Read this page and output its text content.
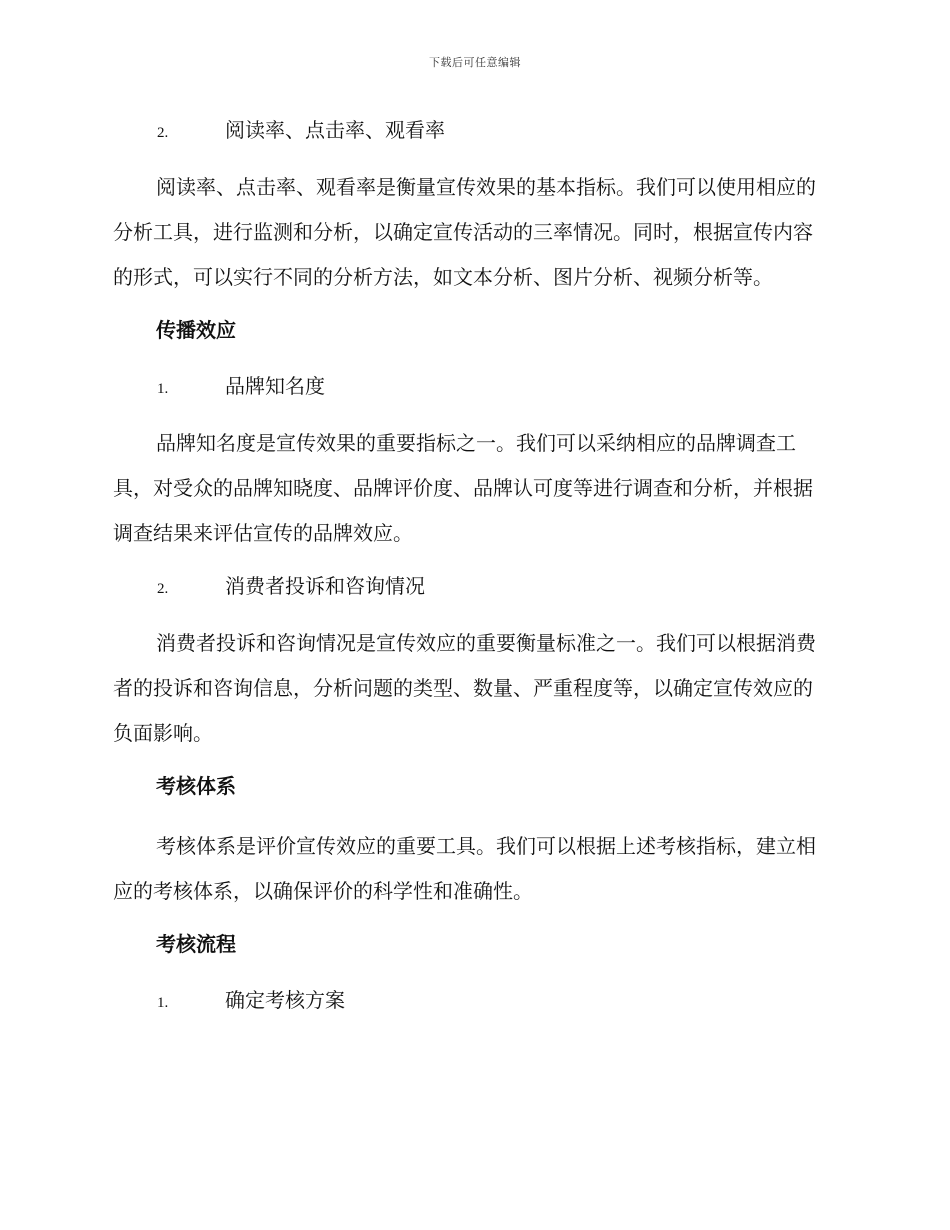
下载后可任意编辑
2.	阅读率、点击率、观看率

阅读率、点击率、观看率是衡量宣传效果的基本指标。我们可以使用相应的分析工具，进行监测和分析，以确定宣传活动的三率情况。同时，根据宣传内容的形式，可以实行不同的分析方法，如文本分析、图片分析、视频分析等。

传播效应
1.	品牌知名度

品牌知名度是宣传效果的重要指标之一。我们可以采纳相应的品牌调查工具，对受众的品牌知晓度、品牌评价度、品牌认可度等进行调查和分析，并根据调查结果来评估宣传的品牌效应。

2.	消费者投诉和咨询情况

消费者投诉和咨询情况是宣传效应的重要衡量标准之一。我们可以根据消费者的投诉和咨询信息，分析问题的类型、数量、严重程度等，以确定宣传效应的负面影响。

考核体系

考核体系是评价宣传效应的重要工具。我们可以根据上述考核指标，建立相应的考核体系，以确保评价的科学性和准确性。

考核流程
1.	确定考核方案
